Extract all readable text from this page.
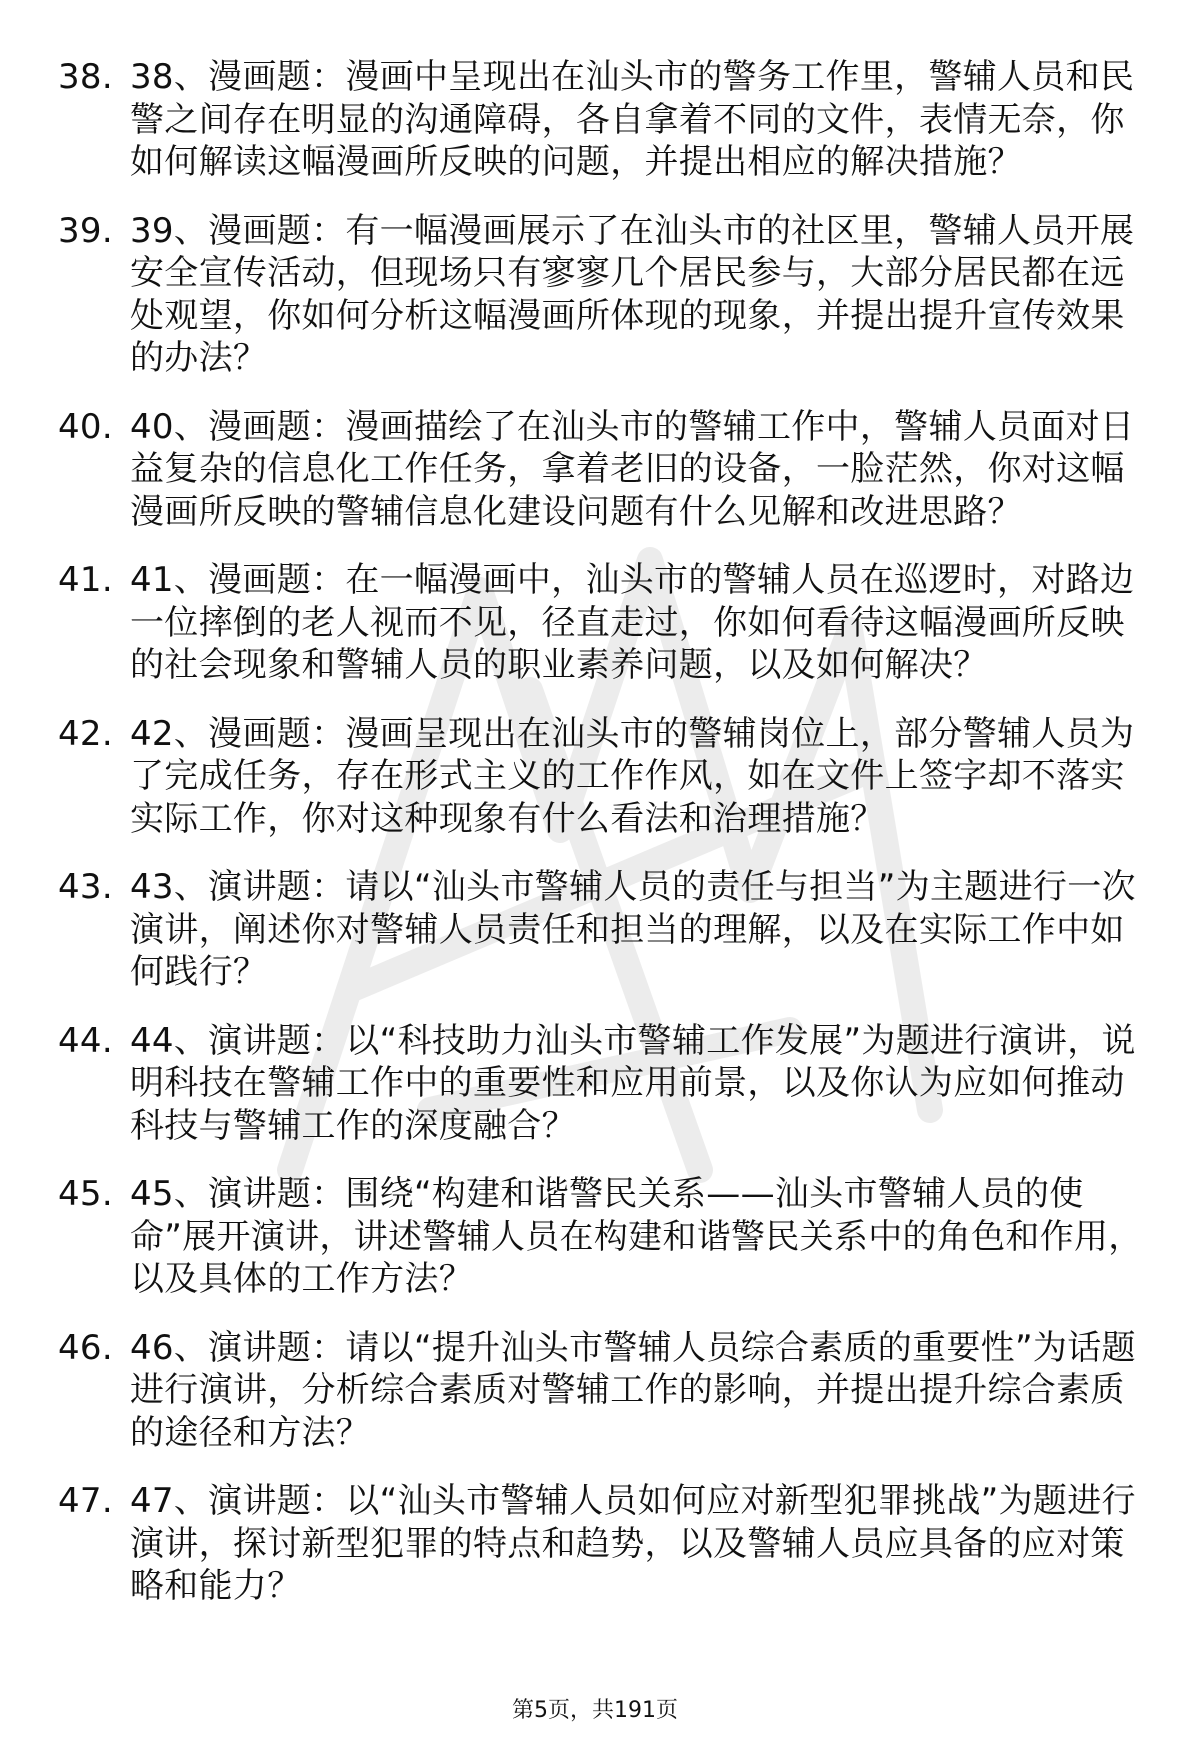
38. 38、漫画题：漫画中呈现出在汕头市的警务工作里，警辅人员和民警之间存在明显的沟通障碍，各自拿着不同的文件，表情无奈，你如何解读这幅漫画所反映的问题，并提出相应的解决措施？
39. 39、漫画题：有一幅漫画展示了在汕头市的社区里，警辅人员开展安全宣传活动，但现场只有寥寥几个居民参与，大部分居民都在远处观望，你如何分析这幅漫画所体现的现象，并提出提升宣传效果的办法？
40. 40、漫画题：漫画描绘了在汕头市的警辅工作中，警辅人员面对日益复杂的信息化工作任务，拿着老旧的设备，一脸茫然，你对这幅漫画所反映的警辅信息化建设问题有什么见解和改进思路？
41. 41、漫画题：在一幅漫画中，汕头市的警辅人员在巡逻时，对路边一位摔倒的老人视而不见，径直走过，你如何看待这幅漫画所反映的社会现象和警辅人员的职业素养问题，以及如何解决？
42. 42、漫画题：漫画呈现出在汕头市的警辅岗位上，部分警辅人员为了完成任务，存在形式主义的工作作风，如在文件上签字却不落实实际工作，你对这种现象有什么看法和治理措施？
43. 43、演讲题：请以“汕头市警辅人员的责任与担当”为主题进行一次演讲，阐述你对警辅人员责任和担当的理解，以及在实际工作中如何践行？
44. 44、演讲题：以“科技助力汕头市警辅工作发展”为题进行演讲，说明科技在警辅工作中的重要性和应用前景，以及你认为应如何推动科技与警辅工作的深度融合？
45. 45、演讲题：围绕“构建和谐警民关系——汕头市警辅人员的使命”展开演讲，讲述警辅人员在构建和谐警民关系中的角色和作用，以及具体的工作方法？
46. 46、演讲题：请以“提升汕头市警辅人员综合素质的重要性”为话题进行演讲，分析综合素质对警辅工作的影响，并提出提升综合素质的途径和方法？
47. 47、演讲题：以“汕头市警辅人员如何应对新型犯罪挑战”为题进行演讲，探讨新型犯罪的特点和趋势，以及警辅人员应具备的应对策略和能力？
第5页，共191页
